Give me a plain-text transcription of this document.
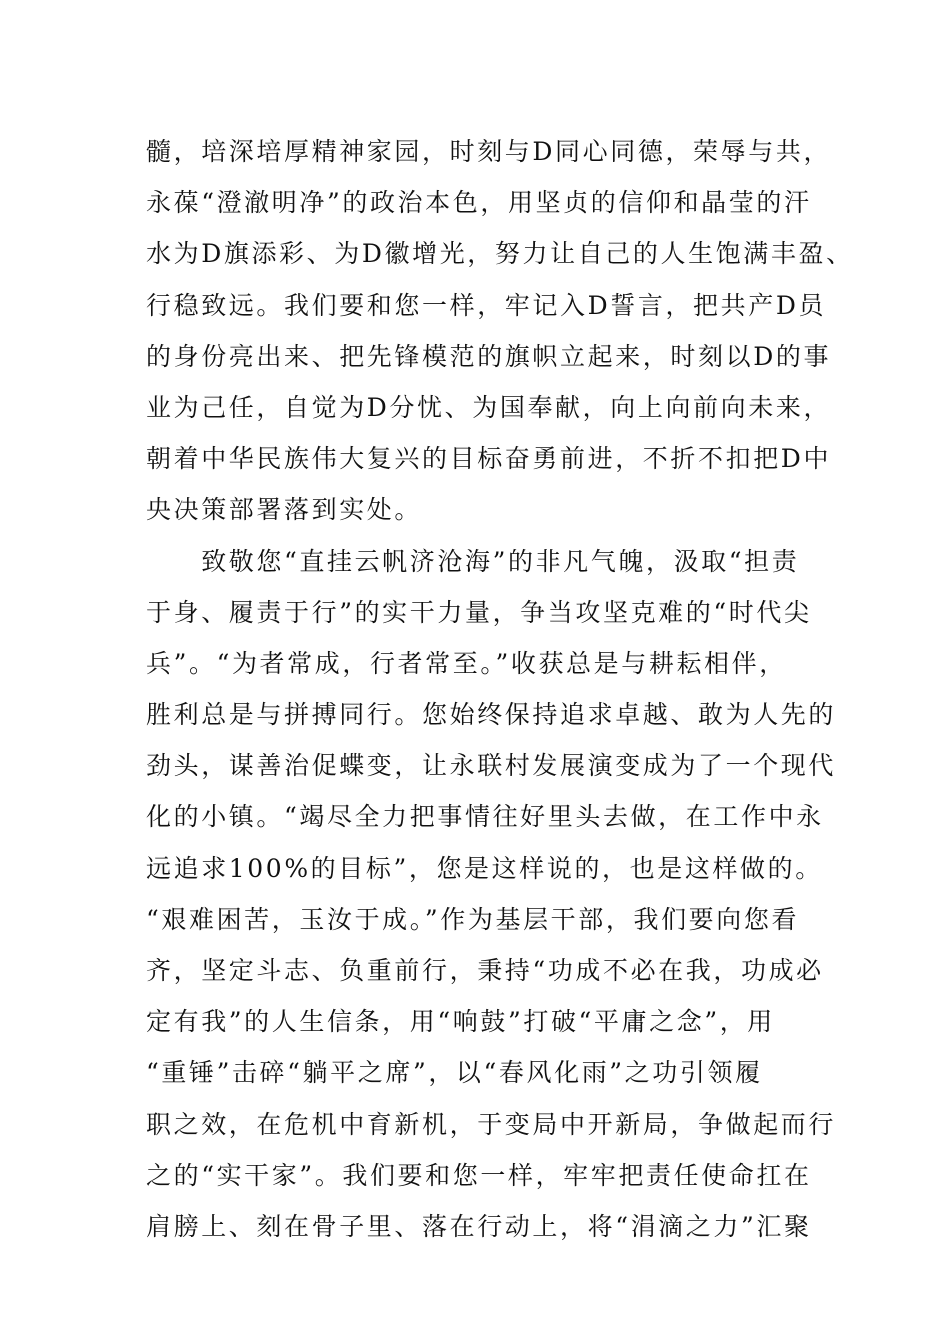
髓，培深培厚精神家园，时刻与D同心同德，荣辱与共，
永葆“澄澈明净”的政治本色，用坚贞的信仰和晶莹的汗
水为D旗添彩、为D徽增光，努力让自己的人生饱满丰盈、
行稳致远。我们要和您一样，牢记入D誓言，把共产D员
的身份亮出来、把先锋模范的旗帜立起来，时刻以D的事
业为己任，自觉为D分忧、为国奉献，向上向前向未来，
朝着中华民族伟大复兴的目标奋勇前进，不折不扣把D中
央决策部署落到实处。
　　致敬您“直挂云帆济沧海”的非凡气魄，汲取“担责
于身、履责于行”的实干力量，争当攻坚克难的“时代尖
兵”。“为者常成，行者常至。”收获总是与耕耘相伴，
胜利总是与拼搏同行。您始终保持追求卓越、敢为人先的
劲头，谋善治促蝶变，让永联村发展演变成为了一个现代
化的小镇。“竭尽全力把事情往好里头去做，在工作中永
远追求100%的目标”，您是这样说的，也是这样做的。
“艰难困苦，玉汝于成。”作为基层干部，我们要向您看
齐，坚定斗志、负重前行，秉持“功成不必在我，功成必
定有我”的人生信条，用“响鼓”打破“平庸之念”，用
“重锤”击碎“躺平之席”，以“春风化雨”之功引领履
职之效，在危机中育新机，于变局中开新局，争做起而行
之的“实干家”。我们要和您一样，牢牢把责任使命扛在
肩膀上、刻在骨子里、落在行动上，将“涓滴之力”汇聚
